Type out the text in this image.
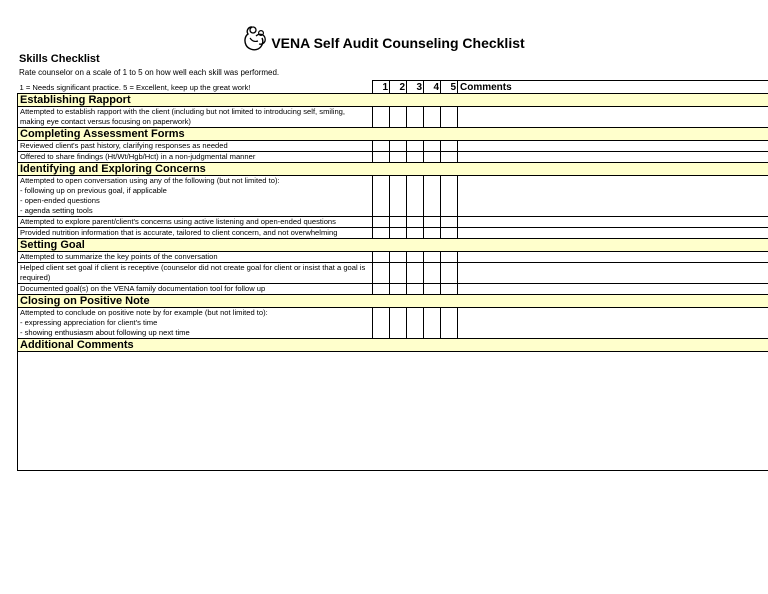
VENA Self Audit Counseling Checklist
Skills Checklist
Rate counselor on a scale of 1 to 5 on how well each skill was performed.
1 = Needs significant practice. 5 = Excellent, keep up the great work!	1	2	3	4	5	Comments
Establishing Rapport						
Attempted to establish rapport with the client (including but not limited to introducing self, smiling, making eye contact versus focusing on paperwork)						
Completing Assessment Forms						
Reviewed client's past history, clarifying responses as needed						
Offered to share findings (Ht/Wt/Hgb/Hct) in a non-judgmental manner						
Identifying and Exploring Concerns						
Attempted to open conversation using any of the following (but not limited to):
- following up on previous goal, if applicable
- open-ended questions
- agenda setting tools						
Attempted to explore parent/client's concerns using active listening and open-ended questions						
Provided nutrition information that is accurate, tailored to client concern, and not overwhelming						
Setting Goal						
Attempted to summarize the key points of the conversation						
Helped client set goal if client is receptive (counselor did not create goal for client or insist that a goal is required)						
Documented goal(s) on the VENA family documentation tool for follow up						
Closing on Positive Note						
Attempted to conclude on positive note by for example (but not limited to):
- expressing appreciation for client's time
- showing enthusiasm about following up next time						
Additional Comments						
